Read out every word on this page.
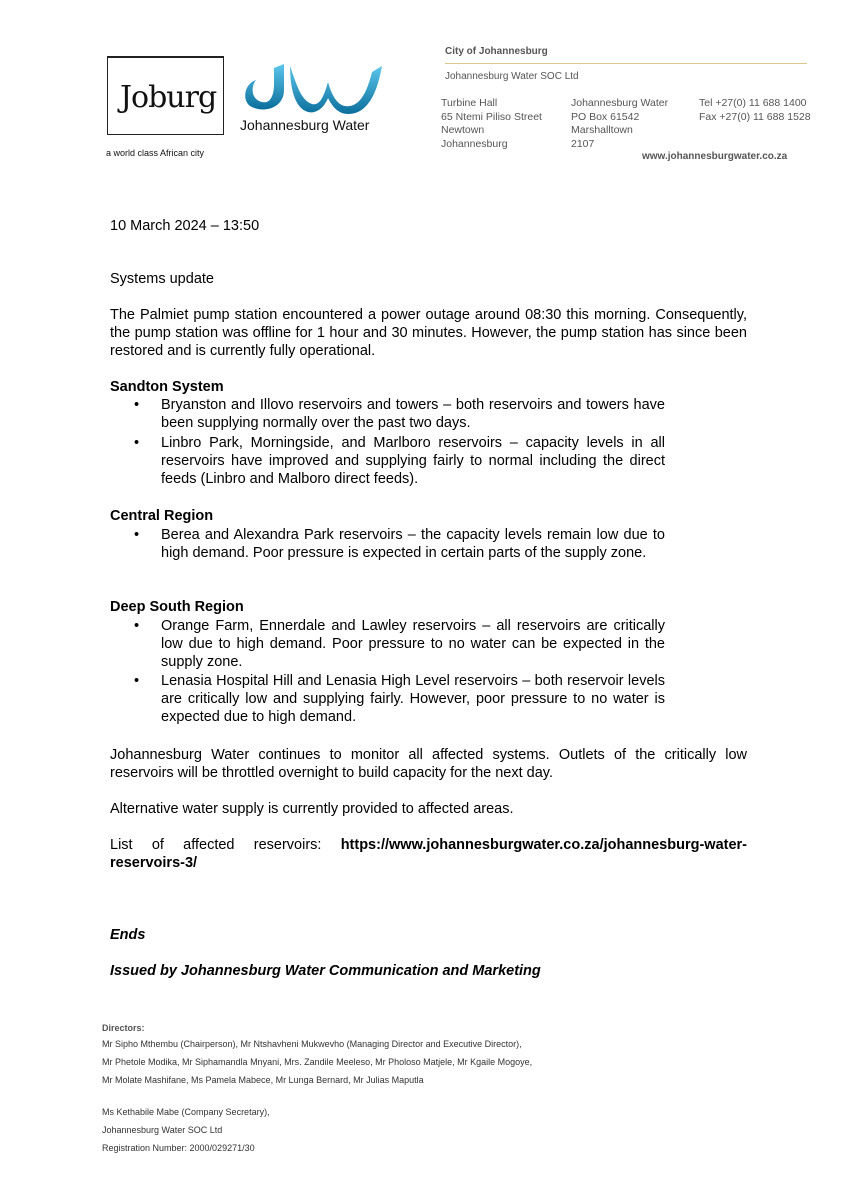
Joburg
a world class African city
Johannesburg Water
City of Johannesburg
Johannesburg Water SOC Ltd
Turbine Hall
65 Ntemi Piliso Street
Newtown
Johannesburg
Johannesburg Water
PO Box 61542
Marshalltown
2107
Tel +27(0) 11 688 1400
Fax +27(0) 11 688 1528
www.johannesburgwater.co.za
10 March 2024 – 13:50
Systems update
The Palmiet pump station encountered a power outage around 08:30 this morning. Consequently, the pump station was offline for 1 hour and 30 minutes. However, the pump station has since been restored and is currently fully operational.
Sandton System
•	Bryanston and Illovo reservoirs and towers – both reservoirs and towers have been supplying normally over the past two days.
•	Linbro Park, Morningside, and Marlboro reservoirs – capacity levels in all reservoirs have improved and supplying fairly to normal including the direct feeds (Linbro and Malboro direct feeds).
Central Region
•	Berea and Alexandra Park reservoirs – the capacity levels remain low due to high demand. Poor pressure is expected in certain parts of the supply zone.
Deep South Region
•	Orange Farm, Ennerdale and Lawley reservoirs – all reservoirs are critically low due to high demand. Poor pressure to no water can be expected in the supply zone.
•	Lenasia Hospital Hill and Lenasia High Level reservoirs – both reservoir levels are critically low and supplying fairly. However, poor pressure to no water is expected due to high demand.
Johannesburg Water continues to monitor all affected systems. Outlets of the critically low reservoirs will be throttled overnight to build capacity for the next day.
Alternative water supply is currently provided to affected areas.
List of affected reservoirs: https://www.johannesburgwater.co.za/johannesburg-water-reservoirs-3/
Ends
Issued by Johannesburg Water Communication and Marketing
Directors:
Mr Sipho Mthembu (Chairperson), Mr Ntshavheni Mukwevho (Managing Director and Executive Director),
Mr Phetole Modika, Mr Siphamandla Mnyani, Mrs. Zandile Meeleso, Mr Pholoso Matjele, Mr Kgaile Mogoye,
Mr Molate Mashifane, Ms Pamela Mabece, Mr Lunga Bernard, Mr Julias Maputla
Ms Kethabile Mabe (Company Secretary),
Johannesburg Water SOC Ltd
Registration Number: 2000/029271/30
